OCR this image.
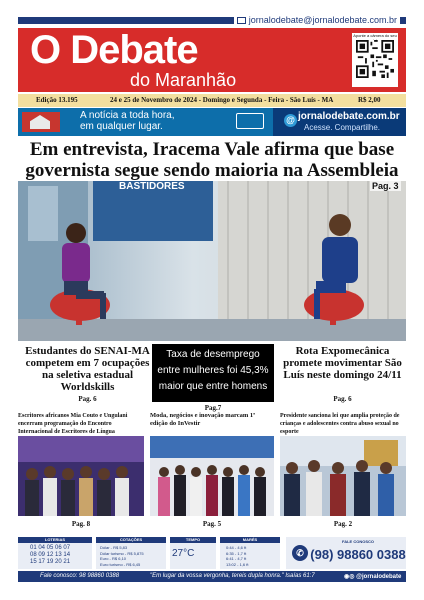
jornalodebate@jornalodebate.com.br
O Debate
do Maranhão
Aponte a câmera do seu
Edição 13.195	24 e 25 de Novembro de 2024 - Domingo e Segunda - Feira - São Luís - MA	R$ 2,00
A notícia a toda hora,
em qualquer lugar.
@ jornalodebate.com.br
Acesse. Compartilhe.
Em entrevista, Iracema Vale afirma que base governista segue sendo maioria na Assembleia
BASTIDORES	Pag. 3
Estudantes do SENAI-MA competem em 7 ocupações na seletiva estadual Worldskills
Pag. 6
Taxa de desemprego entre mulheres foi 45,3% maior que entre homens
Pag.7
Rota Expomecânica promete movimentar São Luís neste domingo 24/11
Pag. 6
Escritores africanos Mia Couto e Ungulani encerram programação do Encontro Internacional de Escritores de Língua
Pag. 8
Moda, negócios e inovação marcam 1ª edição do InVestir
Pag. 5
Presidente sanciona lei que amplia proteção de crianças e adolescentes contra abuso sexual no esporte
Pag. 2
LOTERIAS
01 04 05 06 07
08 09 12 13 14
15 17 19 20 21
COTAÇÕES
Dólar - R$ 5,83
Dólar turismo - R$ 5,875
Euro - R$ 6,10
Euro turismo - R$ 6,45
TEMPO
27°C
MARÉS
0:44 - 4,6 ft
6:35 - 1,7 ft
6:41 - 4,7 ft
13:02 - 1,6 ft
✆
FALE CONOSCO
(98) 98860 0388
Fale conosco: 98 98860 0388	"Em lugar da vossa vergonha, tereis dupla honra." Isaías 61:7	◉◎ @jornalodebate
